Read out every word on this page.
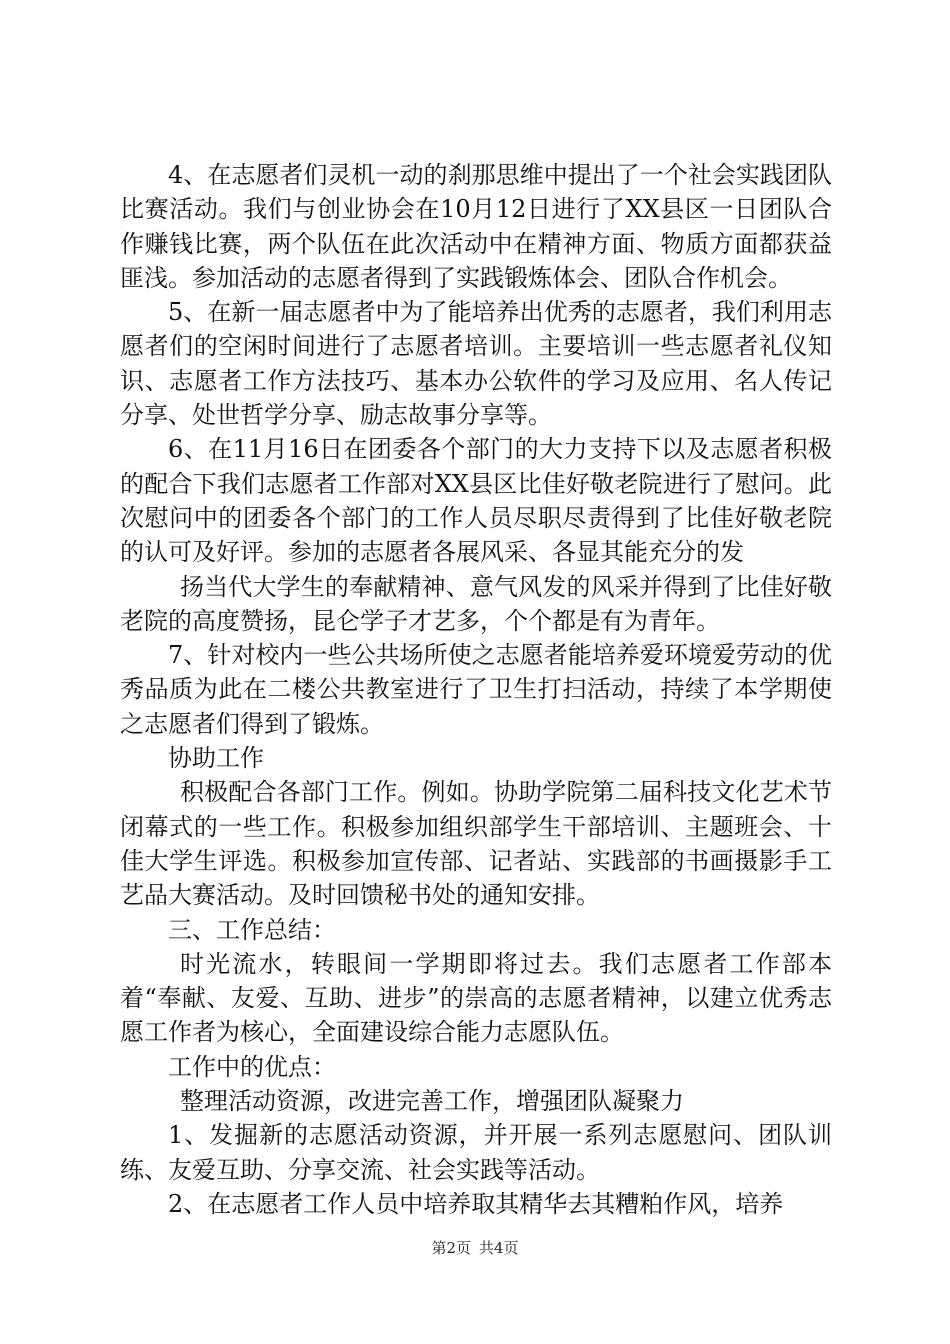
4、在志愿者们灵机一动的刹那思维中提出了一个社会实践团队比赛活动。我们与创业协会在10月12日进行了XX县区一日团队合作赚钱比赛，两个队伍在此次活动中在精神方面、物质方面都获益匪浅。参加活动的志愿者得到了实践锻炼体会、团队合作机会。

5、在新一届志愿者中为了能培养出优秀的志愿者，我们利用志愿者们的空闲时间进行了志愿者培训。主要培训一些志愿者礼仪知识、志愿者工作方法技巧、基本办公软件的学习及应用、名人传记分享、处世哲学分享、励志故事分享等。

6、在11月16日在团委各个部门的大力支持下以及志愿者积极的配合下我们志愿者工作部对XX县区比佳好敬老院进行了慰问。此次慰问中的团委各个部门的工作人员尽职尽责得到了比佳好敬老院的认可及好评。参加的志愿者各展风采、各显其能充分的发

扬当代大学生的奉献精神、意气风发的风采并得到了比佳好敬老院的高度赞扬，昆仑学子才艺多，个个都是有为青年。

7、针对校内一些公共场所使之志愿者能培养爱环境爱劳动的优秀品质为此在二楼公共教室进行了卫生打扫活动，持续了本学期使之志愿者们得到了锻炼。

协助工作

积极配合各部门工作。例如。协助学院第二届科技文化艺术节闭幕式的一些工作。积极参加组织部学生干部培训、主题班会、十佳大学生评选。积极参加宣传部、记者站、实践部的书画摄影手工艺品大赛活动。及时回馈秘书处的通知安排。

三、工作总结：

时光流水，转眼间一学期即将过去。我们志愿者工作部本着“奉献、友爱、互助、进步”的崇高的志愿者精神，以建立优秀志愿工作者为核心，全面建设综合能力志愿队伍。

工作中的优点：

整理活动资源，改进完善工作，增强团队凝聚力

1、发掘新的志愿活动资源，并开展一系列志愿慰问、团队训练、友爱互助、分享交流、社会实践等活动。

2、在志愿者工作人员中培养取其精华去其糟粕作风，培养

第2页 共4页
